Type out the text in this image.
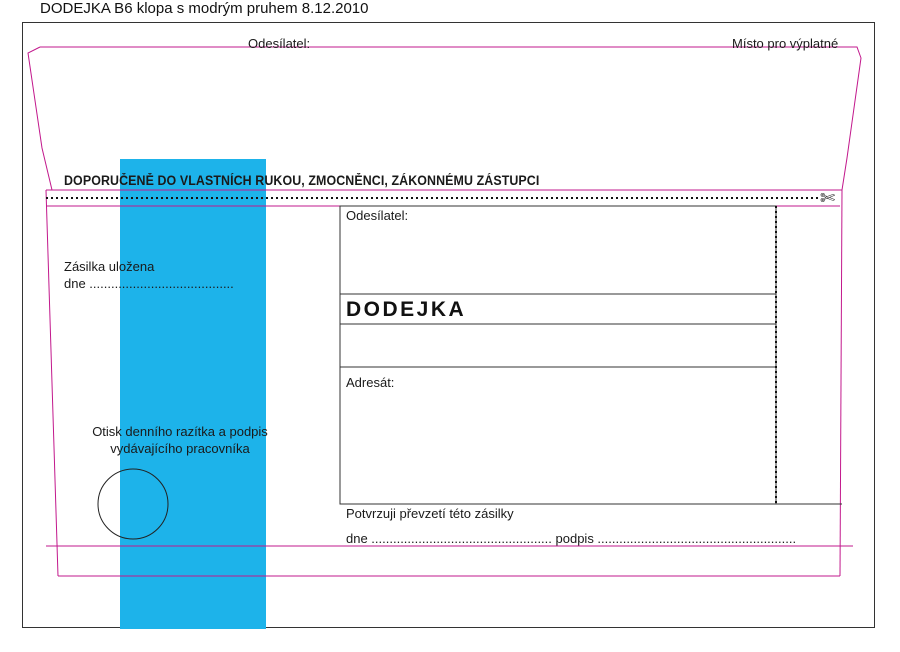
DODEJKA B6 klopa s modrým pruhem 8.12.2010
Odesílatel:	Místo pro výplatné
DOPORUČENĚ DO VLASTNÍCH RUKOU, ZMOCNĚNCI, ZÁKONNÉMU ZÁSTUPCI
✄
Zásilka uložena
dne ........................................
Otisk denního razítka a podpis vydávajícího pracovníka
Odesílatel:
DODEJKA
Adresát:
Potvrzuji převzetí této zásilky
dne .................................................. podpis .......................................................
